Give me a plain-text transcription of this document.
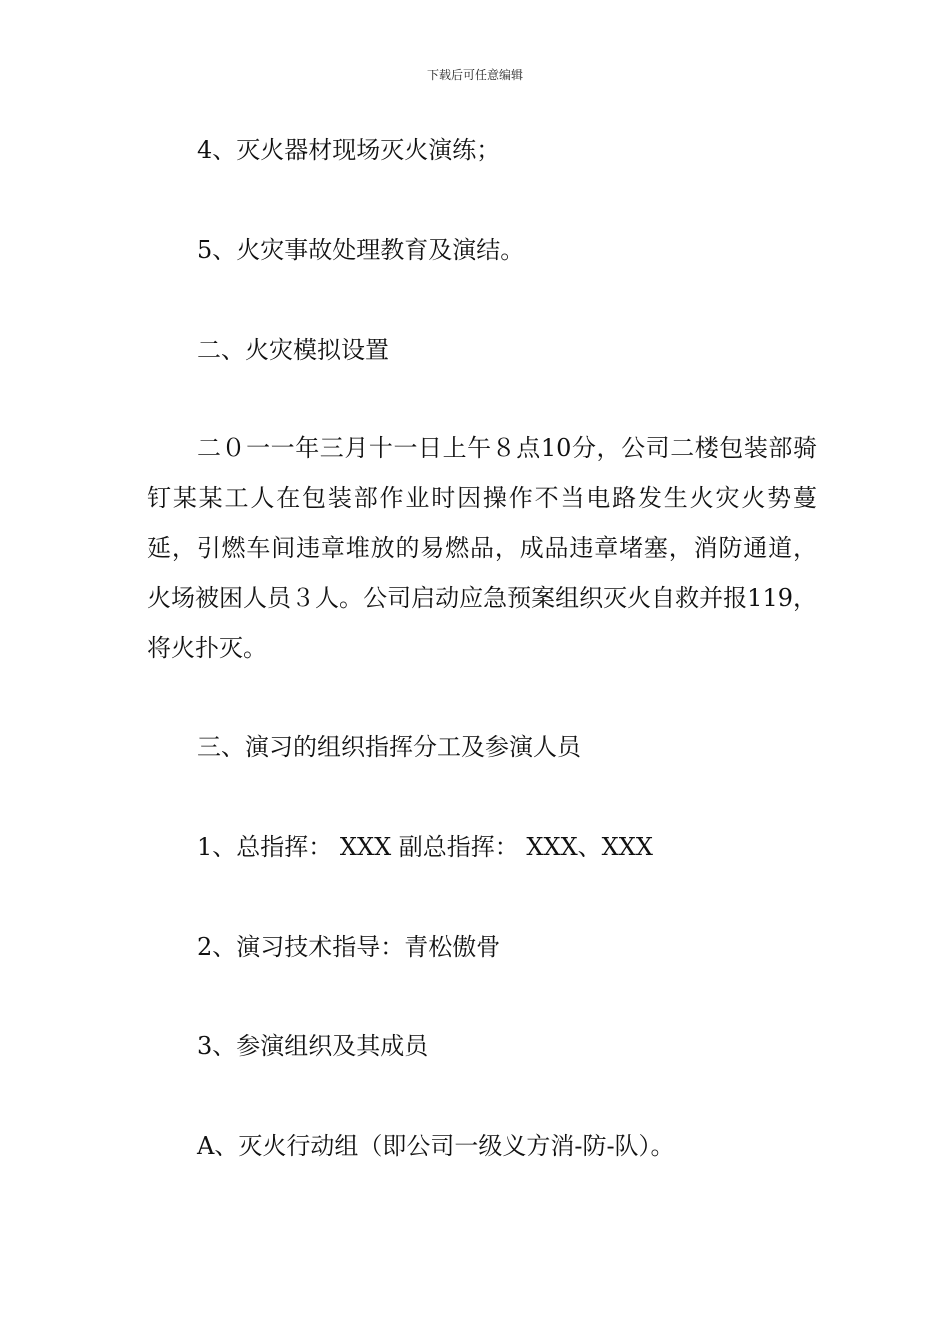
下载后可任意编辑
4、灭火器材现场灭火演练；
5、火灾事故处理教育及演结。
二、火灾模拟设置

二０一一年三月十一日上午８点10分，公司二楼包装部骑钉某某工人在包装部作业时因操作不当电路发生火灾火势蔓延，引燃车间违章堆放的易燃品，成品违章堵塞，消防通道，火场被困人员３人。公司启动应急预案组织灭火自救并报119，将火扑灭。

三、演习的组织指挥分工及参演人员
1、总指挥： XXX 副总指挥： XXX、XXX
2、演习技术指导：青松傲骨
3、参演组织及其成员
A、灭火行动组（即公司一级义方消-防-队）。
